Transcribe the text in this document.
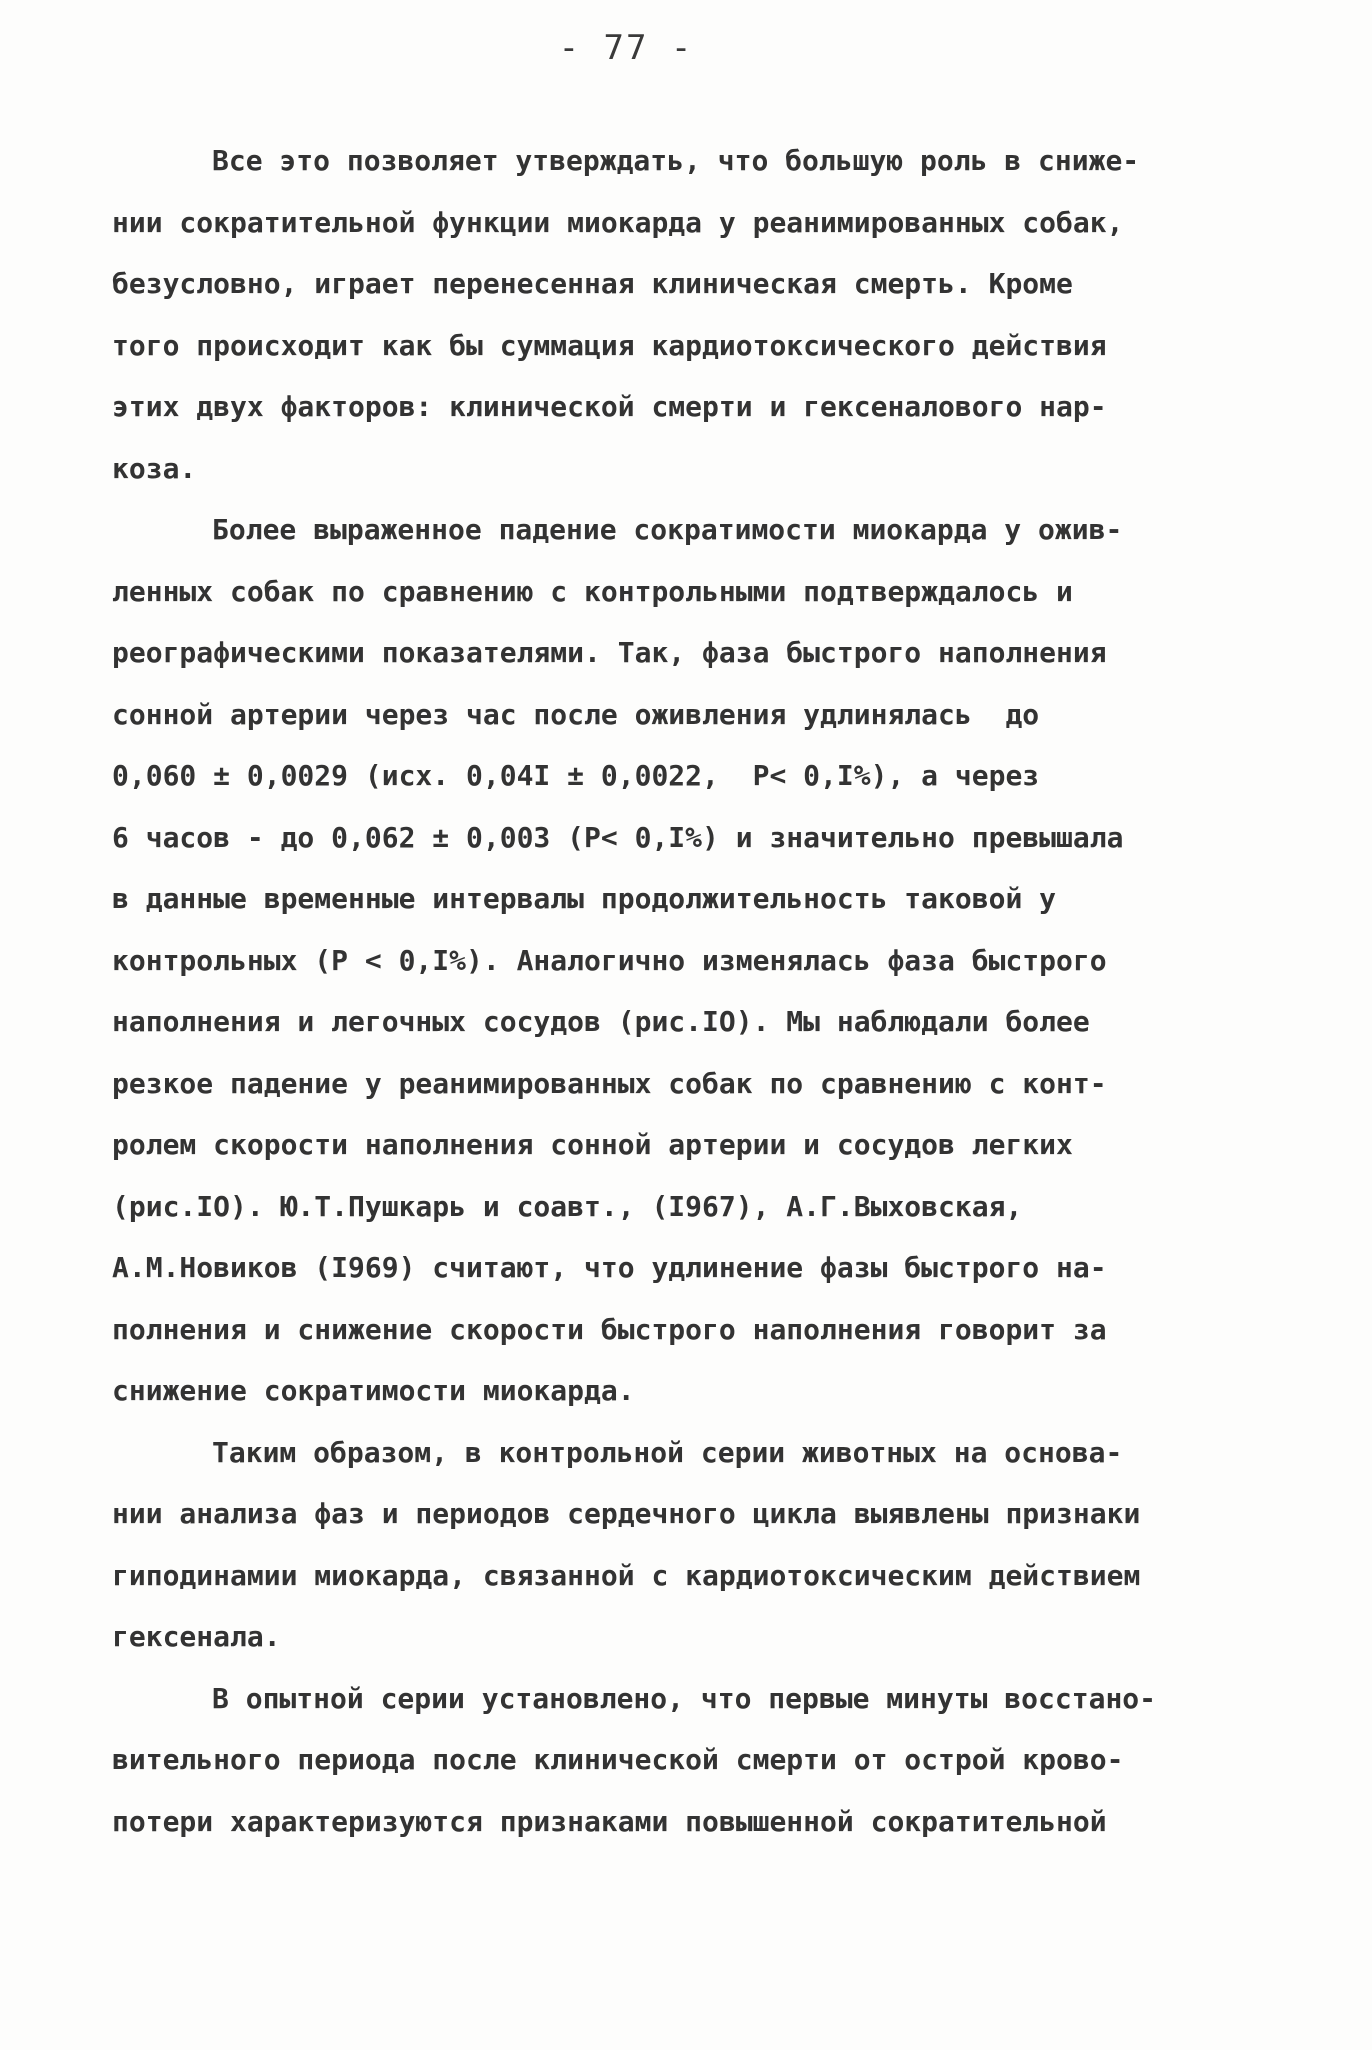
- 77 -
Все это позволяет утверждать, что большую роль в сниже-
нии сократительной функции миокарда у реанимированных собак,
безусловно, играет перенесенная клиническая смерть. Кроме
того происходит как бы суммация кардиотоксического действия
этих двух факторов: клинической смерти и гексеналового нар-
коза.
Более выраженное падение сократимости миокарда у ожив-
ленных собак по сравнению с контрольными подтверждалось и
реографическими показателями. Так, фаза быстрого наполнения
сонной артерии через час после оживления удлинялась  до
0,060 ± 0,0029 (исх. 0,04I ± 0,0022,  P< 0,I%), а через
6 часов - до 0,062 ± 0,003 (P< 0,I%) и значительно превышала
в данные временные интервалы продолжительность таковой у
контрольных (P < 0,I%). Аналогично изменялась фаза быстрого
наполнения и легочных сосудов (рис.IO). Мы наблюдали более
резкое падение у реанимированных собак по сравнению с конт-
ролем скорости наполнения сонной артерии и сосудов легких
(рис.IO). Ю.Т.Пушкарь и соавт., (I967), А.Г.Выховская,
А.М.Новиков (I969) считают, что удлинение фазы быстрого на-
полнения и снижение скорости быстрого наполнения говорит за
снижение сократимости миокарда.
Таким образом, в контрольной серии животных на основа-
нии анализа фаз и периодов сердечного цикла выявлены признаки
гиподинамии миокарда, связанной с кардиотоксическим действием
гексенала.
В опытной серии установлено, что первые минуты восстано-
вительного периода после клинической смерти от острой крово-
потери характеризуются признаками повышенной сократительной
